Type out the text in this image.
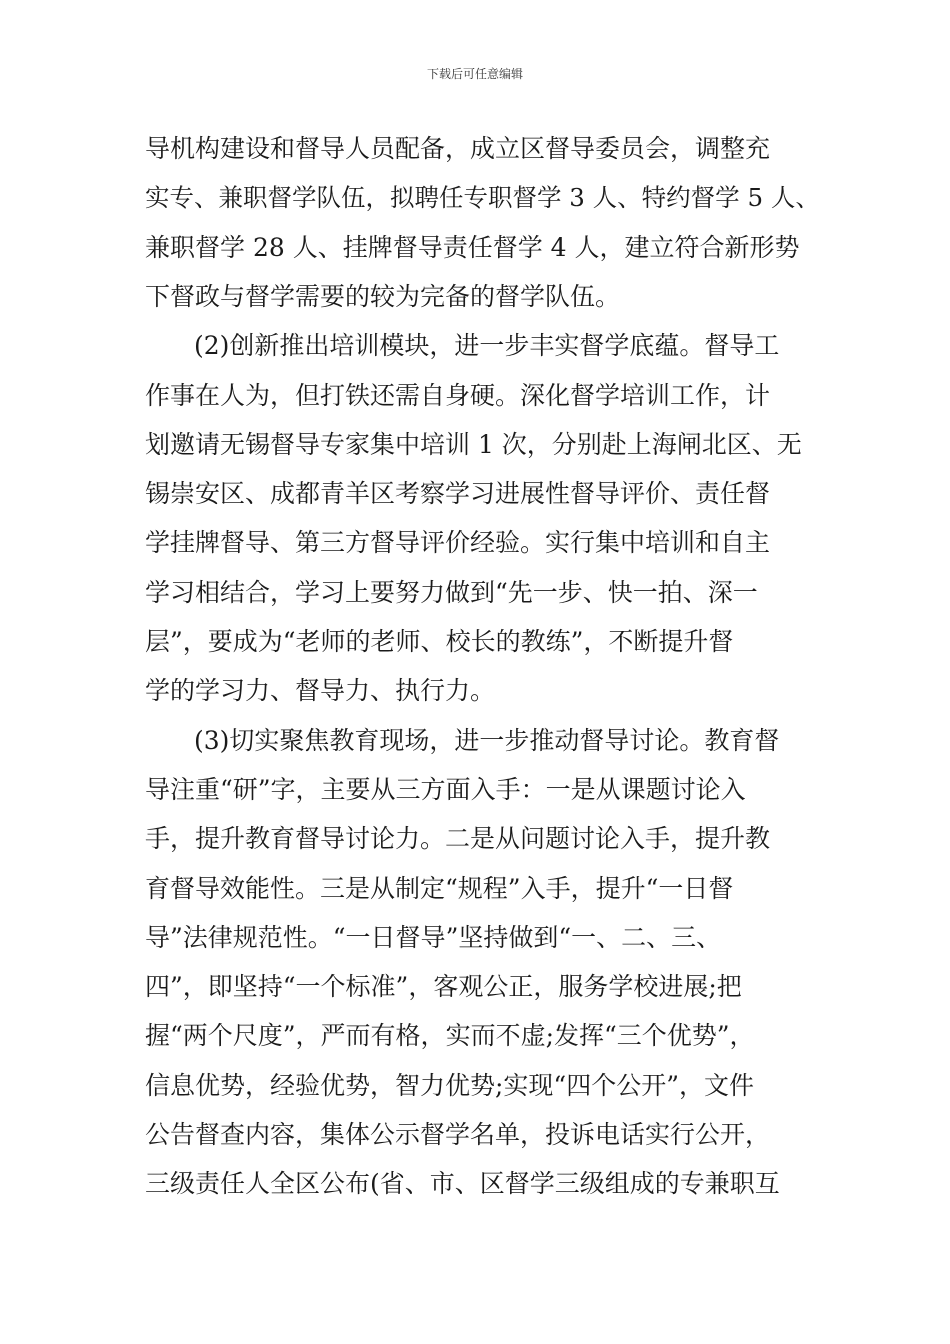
下载后可任意编辑

导机构建设和督导人员配备，成立区督导委员会，调整充

实专、兼职督学队伍，拟聘任专职督学 3 人、特约督学 5 人、

兼职督学 28 人、挂牌督导责任督学 4 人，建立符合新形势

下督政与督学需要的较为完备的督学队伍。

(2)创新推出培训模块，进一步丰实督学底蕴。督导工

作事在人为，但打铁还需自身硬。深化督学培训工作，计

划邀请无锡督导专家集中培训 1 次，分别赴上海闸北区、无

锡崇安区、成都青羊区考察学习进展性督导评价、责任督

学挂牌督导、第三方督导评价经验。实行集中培训和自主

学习相结合，学习上要努力做到“先一步、快一拍、深一

层”，要成为“老师的老师、校长的教练”，不断提升督

学的学习力、督导力、执行力。

(3)切实聚焦教育现场，进一步推动督导讨论。教育督

导注重“研”字，主要从三方面入手：一是从课题讨论入

手，提升教育督导讨论力。二是从问题讨论入手，提升教

育督导效能性。三是从制定“规程”入手，提升“一日督

导”法律规范性。“一日督导”坚持做到“一、二、三、

四”，即坚持“一个标准”，客观公正，服务学校进展;把

握“两个尺度”，严而有格，实而不虚;发挥“三个优势”，

信息优势，经验优势，智力优势;实现“四个公开”，文件

公告督查内容，集体公示督学名单，投诉电话实行公开，

三级责任人全区公布(省、市、区督学三级组成的专兼职互
